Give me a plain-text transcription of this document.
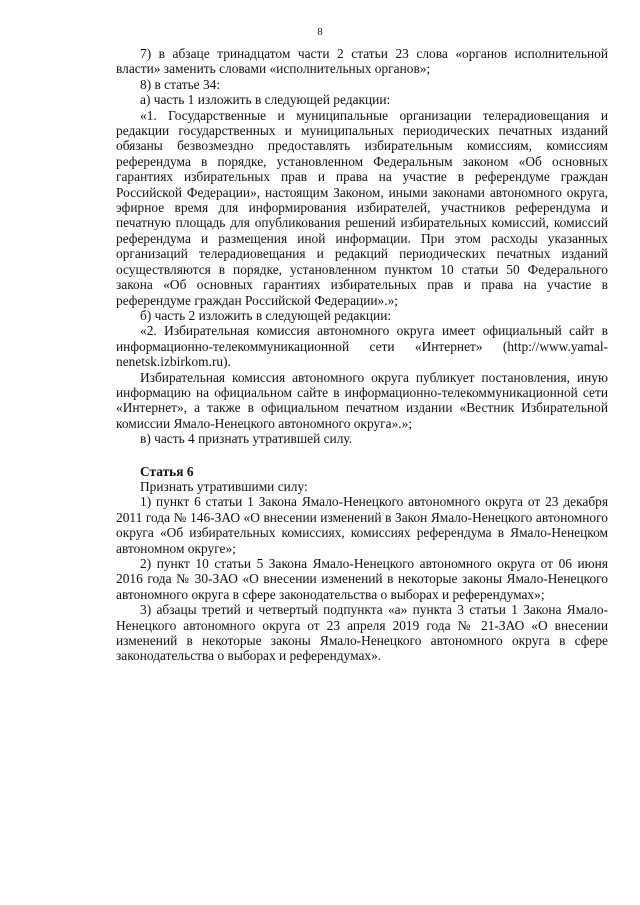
8

7) в абзаце тринадцатом части 2 статьи 23 слова «органов исполнительной власти» заменить словами «исполнительных органов»;

8) в статье 34:

а) часть 1 изложить в следующей редакции:

«1. Государственные и муниципальные организации телерадиовещания и редакции государственных и муниципальных периодических печатных изданий обязаны безвозмездно предоставлять избирательным комиссиям, комиссиям референдума в порядке, установленном Федеральным законом «Об основных гарантиях избирательных прав и права на участие в референдуме граждан Российской Федерации», настоящим Законом, иными законами автономного округа, эфирное время для информирования избирателей, участников референдума и печатную площадь для опубликования решений избирательных комиссий, комиссий референдума и размещения иной информации. При этом расходы указанных организаций телерадиовещания и редакций периодических печатных изданий осуществляются в порядке, установленном пунктом 10 статьи 50 Федерального закона «Об основных гарантиях избирательных прав и права на участие в референдуме граждан Российской Федерации».»;

б) часть 2 изложить в следующей редакции:

«2. Избирательная комиссия автономного округа имеет официальный сайт в информационно-телекоммуникационной сети «Интернет» (http://www.yamal-nenetsk.izbirkom.ru).

Избирательная комиссия автономного округа публикует постановления, иную информацию на официальном сайте в информационно-телекоммуникационной сети «Интернет», а также в официальном печатном издании «Вестник Избирательной комиссии Ямало-Ненецкого автономного округа».»;

в) часть 4 признать утратившей силу.

Статья 6

Признать утратившими силу:

1) пункт 6 статьи 1 Закона Ямало-Ненецкого автономного округа от 23 декабря 2011 года № 146-ЗАО «О внесении изменений в Закон Ямало-Ненецкого автономного округа «Об избирательных комиссиях, комиссиях референдума в Ямало-Ненецком автономном округе»;

2) пункт 10 статьи 5 Закона Ямало-Ненецкого автономного округа от 06 июня 2016 года № 30-ЗАО «О внесении изменений в некоторые законы Ямало-Ненецкого автономного округа в сфере законодательства о выборах и референдумах»;

3) абзацы третий и четвертый подпункта «а» пункта 3 статьи 1 Закона Ямало-Ненецкого автономного округа от 23 апреля 2019 года № 21-ЗАО «О внесении изменений в некоторые законы Ямало-Ненецкого автономного округа в сфере законодательства о выборах и референдумах».
